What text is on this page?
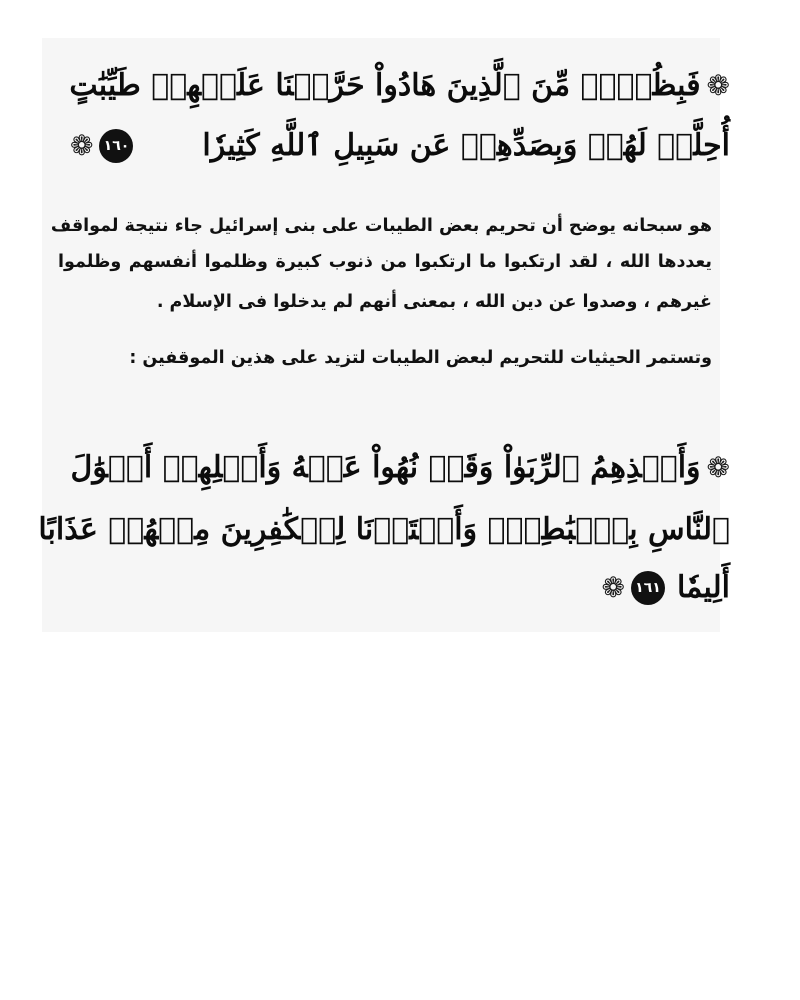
❁
فَبِظُلۡمٖ مِّنَ ٱلَّذِينَ هَادُواْ حَرَّمۡنَا عَلَيۡهِمۡ طَيِّبَٰتٍ
أُحِلَّتۡ لَهُمۡ وَبِصَدِّهِمۡ عَن سَبِيلِ ٱللَّهِ كَثِيرٗا
١٦٠
❁
هو سبحانه يوضح أن تحريم بعض الطيبات على بنى إسرائيل جاء نتيجة لمواقف
يعددها الله ، لقد ارتكبوا ما ارتكبوا من ذنوب كبيرة وظلموا أنفسهم وظلموا
غيرهم ، وصدوا عن دين الله ، بمعنى أنهم لم يدخلوا فى الإسلام .
وتستمر الحيثيات للتحريم لبعض الطيبات لتزيد على هذين الموقفين :
❁
وَأَخۡذِهِمُ ٱلرِّبَوٰاْ وَقَدۡ نُهُواْ عَنۡهُ وَأَكۡلِهِمۡ أَمۡوَٰلَ
ٱلنَّاسِ بِٱلۡبَٰطِلِۚ وَأَعۡتَدۡنَا لِلۡكَٰفِرِينَ مِنۡهُمۡ عَذَابًا
أَلِيمٗا
١٦١
❁
